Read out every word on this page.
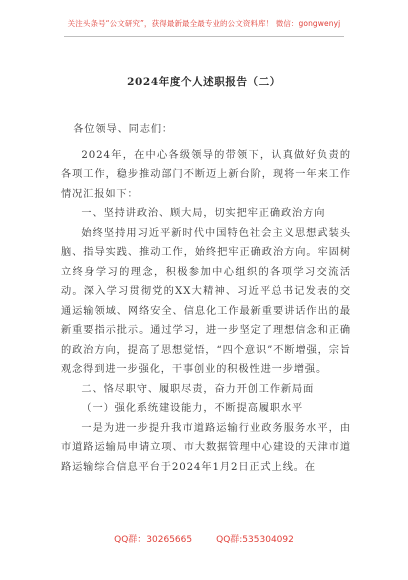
关注头条号“公文研究”，获得最新最全最专业的公文资料库！ 微信：gongwenyj
2024年度个人述职报告（二）

各位领导、同志们：

2024年，在中心各级领导的带领下，认真做好负责的各项工作，稳步推动部门不断迈上新台阶，现将一年来工作情况汇报如下：

一、坚持讲政治、顾大局，切实把牢正确政治方向

始终坚持用习近平新时代中国特色社会主义思想武装头脑、指导实践、推动工作，始终把牢正确政治方向。牢固树立终身学习的理念，积极参加中心组织的各项学习交流活动。深入学习贯彻党的XX大精神、习近平总书记发表的交通运输领域、网络安全、信息化工作最新重要讲话作出的最新重要指示批示。通过学习，进一步坚定了理想信念和正确的政治方向，提高了思想觉悟，“四个意识”不断增强，宗旨观念得到进一步强化，干事创业的积极性进一步增强。

二、恪尽职守、履职尽责，奋力开创工作新局面

（一）强化系统建设能力，不断提高履职水平

一是为进一步提升我市道路运输行业政务服务水平，由市道路运输局申请立项、市大数据管理中心建设的天津市道路运输综合信息平台于2024年1月2日正式上线。在

QQ群：30265665	QQ群:535304092
